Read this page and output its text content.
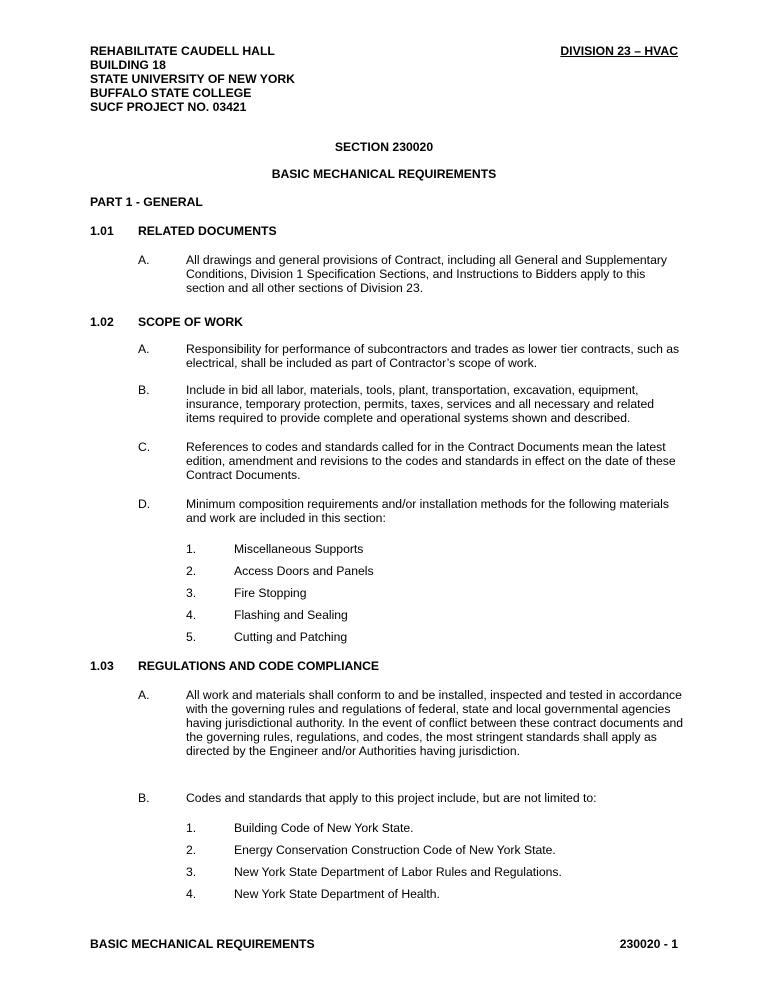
REHABILITATE CAUDELL HALL
BUILDING 18
STATE UNIVERSITY OF NEW YORK
BUFFALO STATE COLLEGE
SUCF PROJECT NO. 03421
DIVISION 23 – HVAC
SECTION 230020
BASIC MECHANICAL REQUIREMENTS
PART 1 - GENERAL
1.01 RELATED DOCUMENTS
A.	All drawings and general provisions of Contract, including all General and Supplementary Conditions, Division 1 Specification Sections, and Instructions to Bidders apply to this section and all other sections of Division 23.
1.02 SCOPE OF WORK
A.	Responsibility for performance of subcontractors and trades as lower tier contracts, such as electrical, shall be included as part of Contractor’s scope of work.
B.	Include in bid all labor, materials, tools, plant, transportation, excavation, equipment, insurance, temporary protection, permits, taxes, services and all necessary and related items required to provide complete and operational systems shown and described.
C.	References to codes and standards called for in the Contract Documents mean the latest edition, amendment and revisions to the codes and standards in effect on the date of these Contract Documents.
D.	Minimum composition requirements and/or installation methods for the following materials and work are included in this section:
1.	Miscellaneous Supports
2.	Access Doors and Panels
3.	Fire Stopping
4.	Flashing and Sealing
5.	Cutting and Patching
1.03 REGULATIONS AND CODE COMPLIANCE
A.	All work and materials shall conform to and be installed, inspected and tested in accordance with the governing rules and regulations of federal, state and local governmental agencies having jurisdictional authority. In the event of conflict between these contract documents and the governing rules, regulations, and codes, the most stringent standards shall apply as directed by the Engineer and/or Authorities having jurisdiction.
B.	Codes and standards that apply to this project include, but are not limited to:
1.	Building Code of New York State.
2.	Energy Conservation Construction Code of New York State.
3.	New York State Department of Labor Rules and Regulations.
4.	New York State Department of Health.
BASIC MECHANICAL REQUIREMENTS	230020 - 1
